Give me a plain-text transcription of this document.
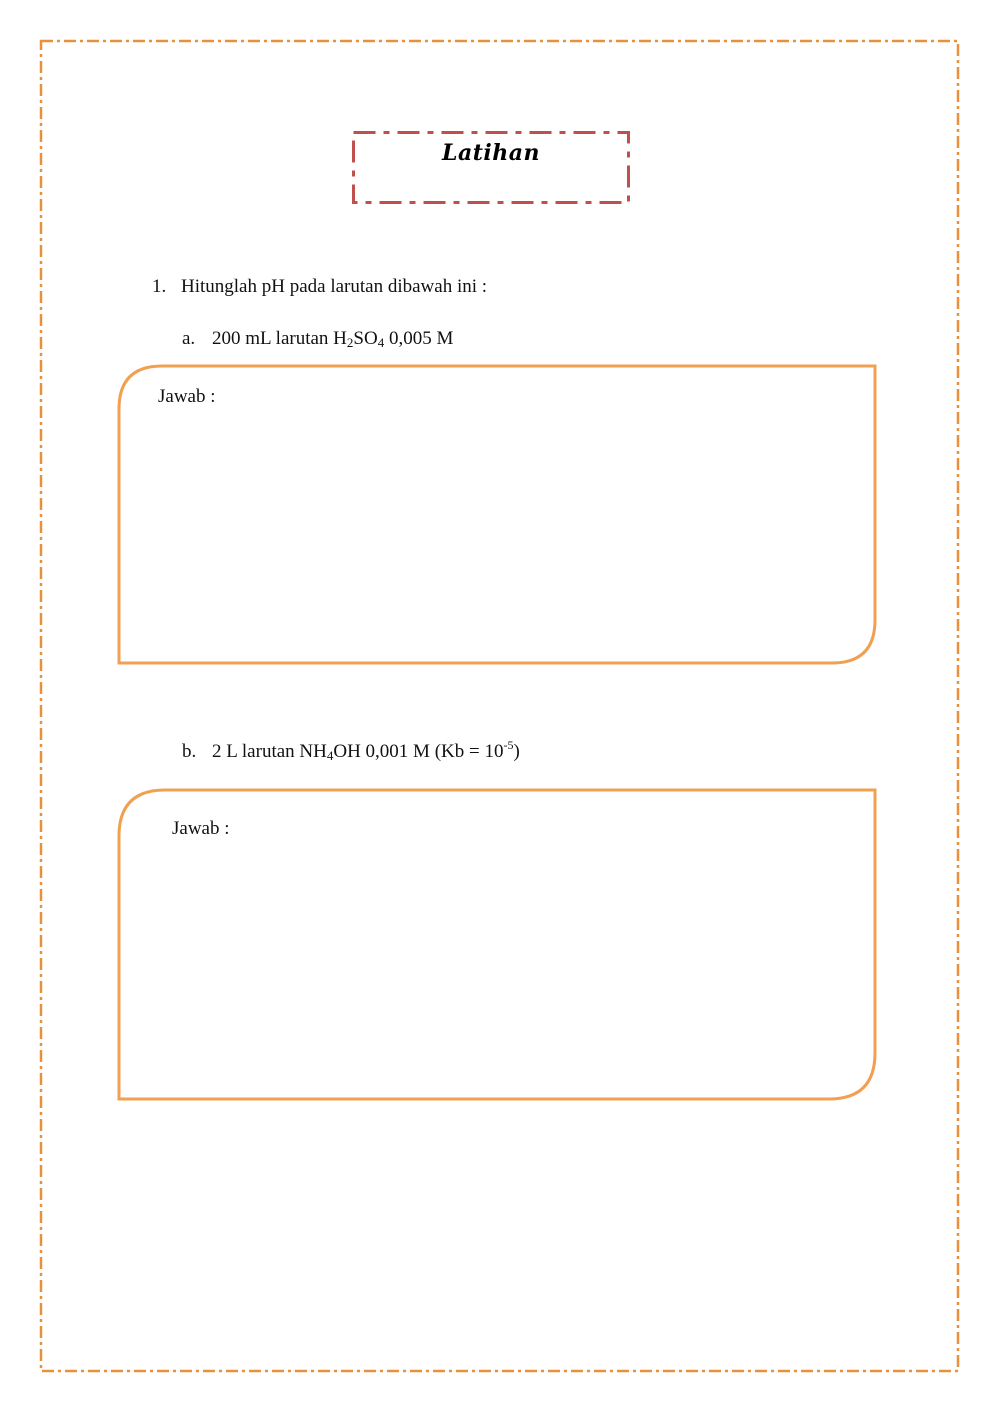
Latihan
1. Hitunglah pH pada larutan dibawah ini :
a. 200 mL larutan $H_2SO_4$ 0,005 M
Jawab :
b. 2 L larutan $NH_4OH$ 0,001 M $(Kb = 10^{-5})$
Jawab :
